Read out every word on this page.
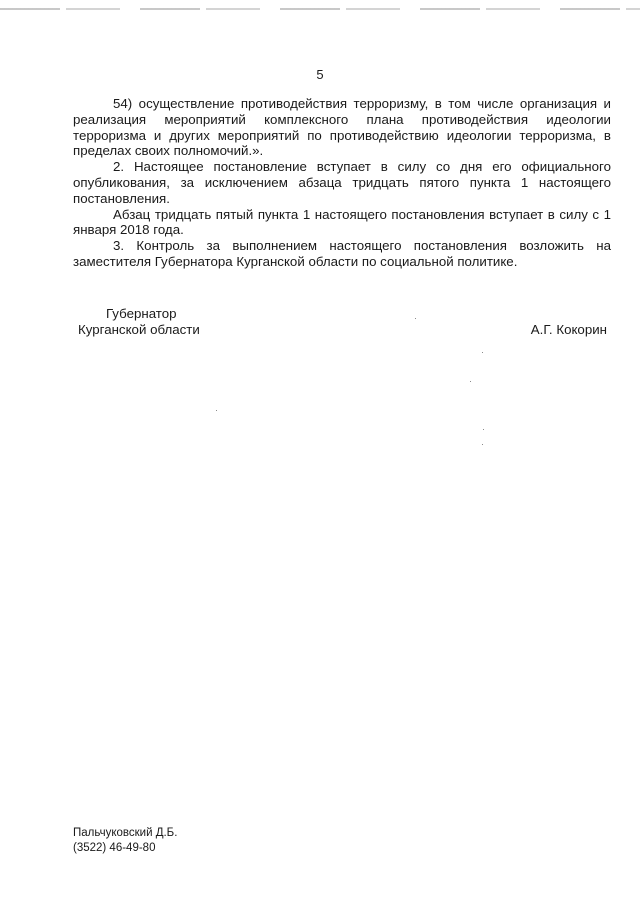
5

54) осуществление противодействия терроризму, в том числе организация и реализация мероприятий комплексного плана противодействия идеологии терроризма и других мероприятий по противодействию идеологии терроризма, в пределах своих полномочий.».

2. Настоящее постановление вступает в силу со дня его официального опубликования, за исключением абзаца тридцать пятого пункта 1 настоящего постановления.

Абзац тридцать пятый пункта 1 настоящего постановления вступает в силу с 1 января 2018 года.

3. Контроль за выполнением настоящего постановления возложить на заместителя Губернатора Курганской области по социальной политике.

Губернатор
Курганской области	А.Г. Кокорин
Пальчуковский Д.Б.
(3522) 46-49-80
